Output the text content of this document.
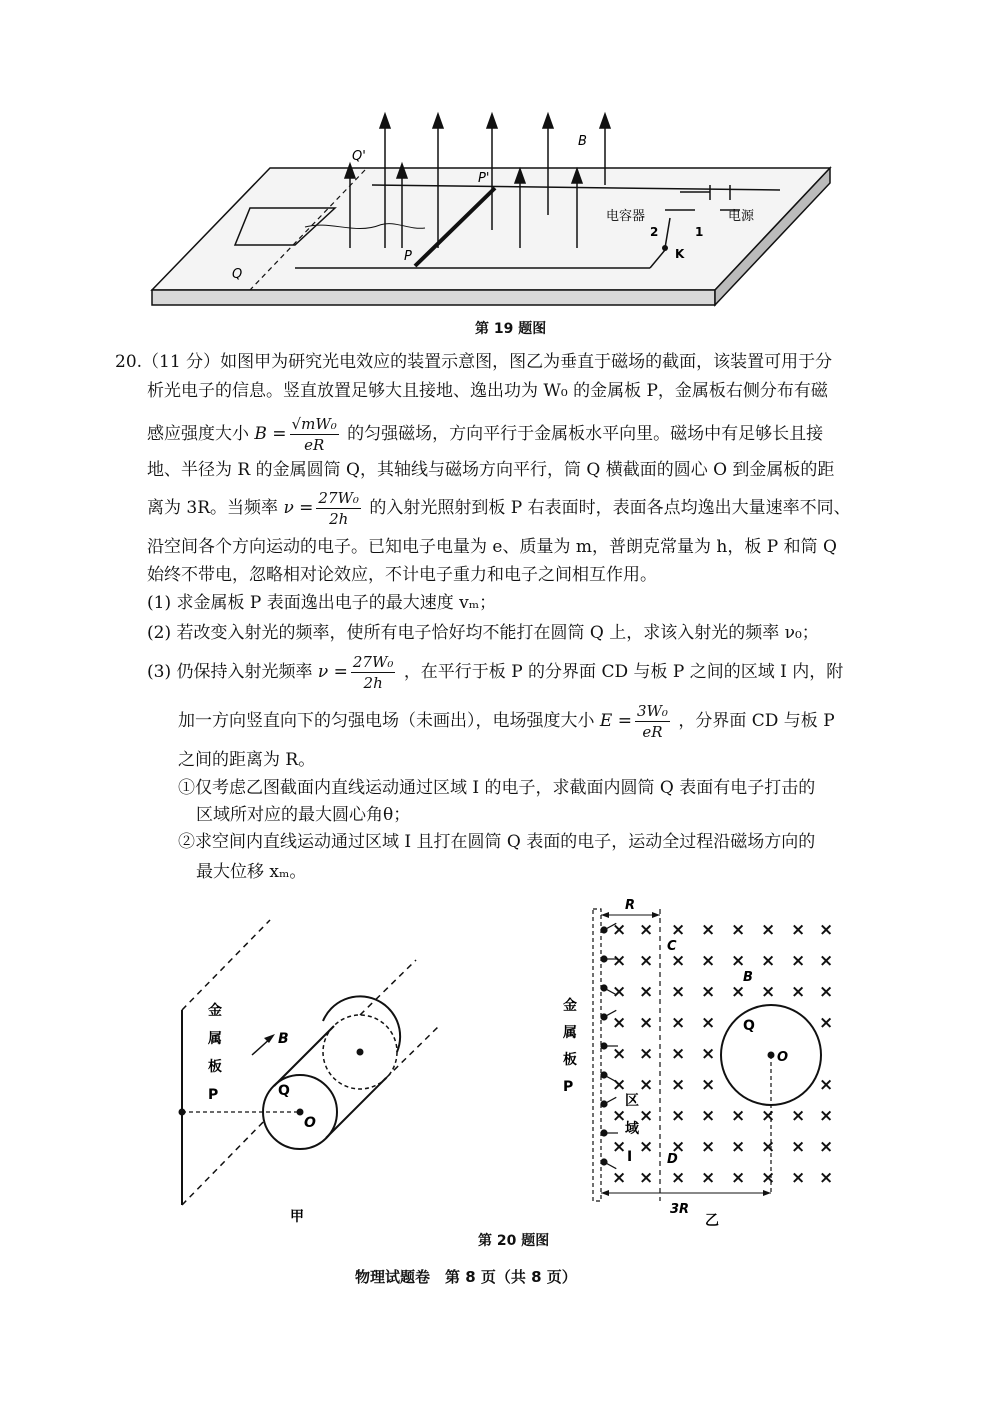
B
Q'
P'
P
Q
电容器	电源
2	1
K
第 19 题图
20.（11 分）如图甲为研究光电效应的装置示意图，图乙为垂直于磁场的截面，该装置可用于分
析光电子的信息。竖直放置足够大且接地、逸出功为 W₀ 的金属板 P，金属板右侧分布有磁
感应强度大小 $B = \frac{\text{√mW₀}}{eR}$ 的匀强磁场，方向平行于金属板水平向里。磁场中有足够长且接
地、半径为 R 的金属圆筒 Q，其轴线与磁场方向平行，筒 Q 横截面的圆心 O 到金属板的距
离为 3R。当频率 $\nu = \frac{\text{27W₀}}{2h}$ 的入射光照射到板 P 右表面时，表面各点均逸出大量速率不同、
沿空间各个方向运动的电子。已知电子电量为 e、质量为 m，普朗克常量为 h，板 P 和筒 Q
始终不带电，忽略相对论效应，不计电子重力和电子之间相互作用。
(1) 求金属板 P 表面逸出电子的最大速度 vₘ；
(2) 若改变入射光的频率，使所有电子恰好均不能打在圆筒 Q 上，求该入射光的频率 ν₀；
(3) 仍保持入射光频率 $\nu = \frac{\text{27W₀}}{2h}$ ，在平行于板 P 的分界面 CD 与板 P 之间的区域 I 内，附
加一方向竖直向下的匀强电场（未画出），电场强度大小 $E = \frac{\text{3W₀}}{eR}$ ，分界面 CD 与板 P
之间的距离为 R。
①仅考虑乙图截面内直线运动通过区域 I 的电子，求截面内圆筒 Q 表面有电子打击的
区域所对应的最大圆心角θ；
②求空间内直线运动通过区域 I 且打在圆筒 Q 表面的电子，运动全过程沿磁场方向的
最大位移 xₘ。
B
Q
O
金
属
板
P
甲
金
属
板
P
R
× × × × × × × ×
× × × × × × × ×
× × × × × × × ×
× × × ×	×
× × × ×
× × × ×	×
× × × × × × × ×
× × × × × × × ×
× × × × × × × ×
Q
O
B
C
D
区
域
I
3R
乙
第 20 题图
物理试题卷　第 8 页（共 8 页）
